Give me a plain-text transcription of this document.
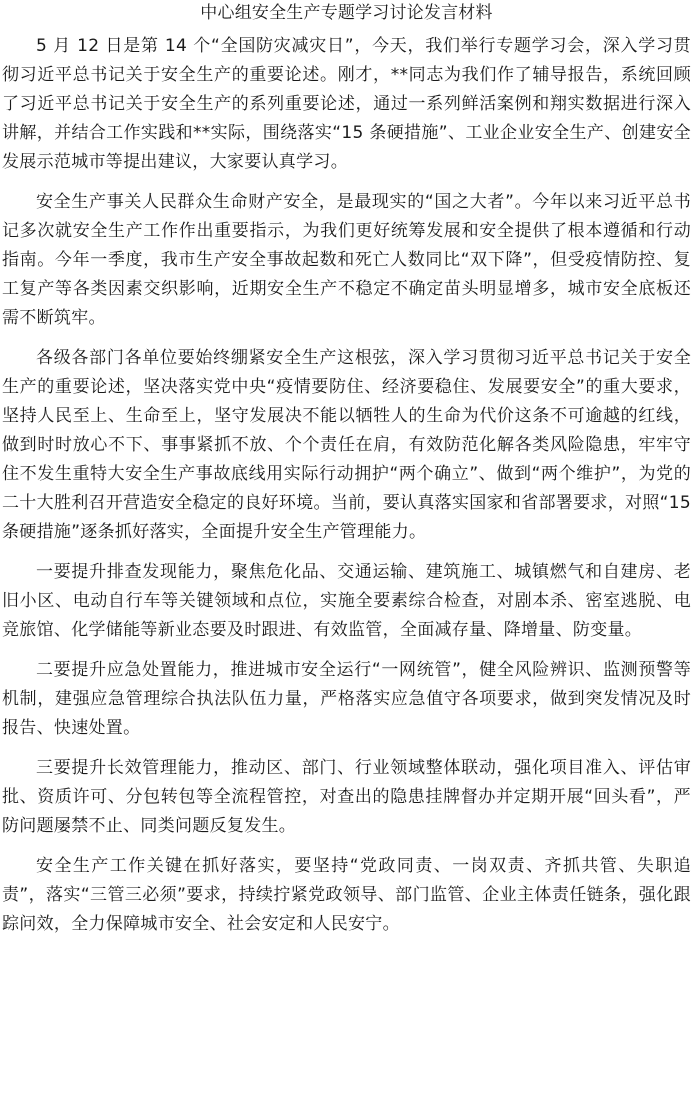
中心组安全生产专题学习讨论发言材料

5 月 12 日是第 14 个“全国防灾减灾日”，今天，我们举行专题学习会，深入学习贯彻习近平总书记关于安全生产的重要论述。刚才，**同志为我们作了辅导报告，系统回顾了习近平总书记关于安全生产的系列重要论述，通过一系列鲜活案例和翔实数据进行深入讲解，并结合工作实践和**实际，围绕落实“15 条硬措施”、工业企业安全生产、创建安全发展示范城市等提出建议，大家要认真学习。

安全生产事关人民群众生命财产安全，是最现实的“国之大者”。今年以来习近平总书记多次就安全生产工作作出重要指示，为我们更好统筹发展和安全提供了根本遵循和行动指南。今年一季度，我市生产安全事故起数和死亡人数同比“双下降”，但受疫情防控、复工复产等各类因素交织影响，近期安全生产不稳定不确定苗头明显增多，城市安全底板还需不断筑牢。

各级各部门各单位要始终绷紧安全生产这根弦，深入学习贯彻习近平总书记关于安全生产的重要论述，坚决落实党中央“疫情要防住、经济要稳住、发展要安全”的重大要求，坚持人民至上、生命至上，坚守发展决不能以牺牲人的生命为代价这条不可逾越的红线，做到时时放心不下、事事紧抓不放、个个责任在肩，有效防范化解各类风险隐患，牢牢守住不发生重特大安全生产事故底线用实际行动拥护“两个确立”、做到“两个维护”，为党的二十大胜利召开营造安全稳定的良好环境。当前，要认真落实国家和省部署要求，对照“15 条硬措施”逐条抓好落实，全面提升安全生产管理能力。

一要提升排查发现能力，聚焦危化品、交通运输、建筑施工、城镇燃气和自建房、老旧小区、电动自行车等关键领域和点位，实施全要素综合检查，对剧本杀、密室逃脱、电竞旅馆、化学储能等新业态要及时跟进、有效监管，全面减存量、降增量、防变量。

二要提升应急处置能力，推进城市安全运行“一网统管”，健全风险辨识、监测预警等机制，建强应急管理综合执法队伍力量，严格落实应急值守各项要求，做到突发情况及时报告、快速处置。

三要提升长效管理能力，推动区、部门、行业领域整体联动，强化项目准入、评估审批、资质许可、分包转包等全流程管控，对查出的隐患挂牌督办并定期开展“回头看”，严防问题屡禁不止、同类问题反复发生。

安全生产工作关键在抓好落实，要坚持“党政同责、一岗双责、齐抓共管、失职追责”，落实“三管三必须”要求，持续拧紧党政领导、部门监管、企业主体责任链条，强化跟踪问效，全力保障城市安全、社会安定和人民安宁。
